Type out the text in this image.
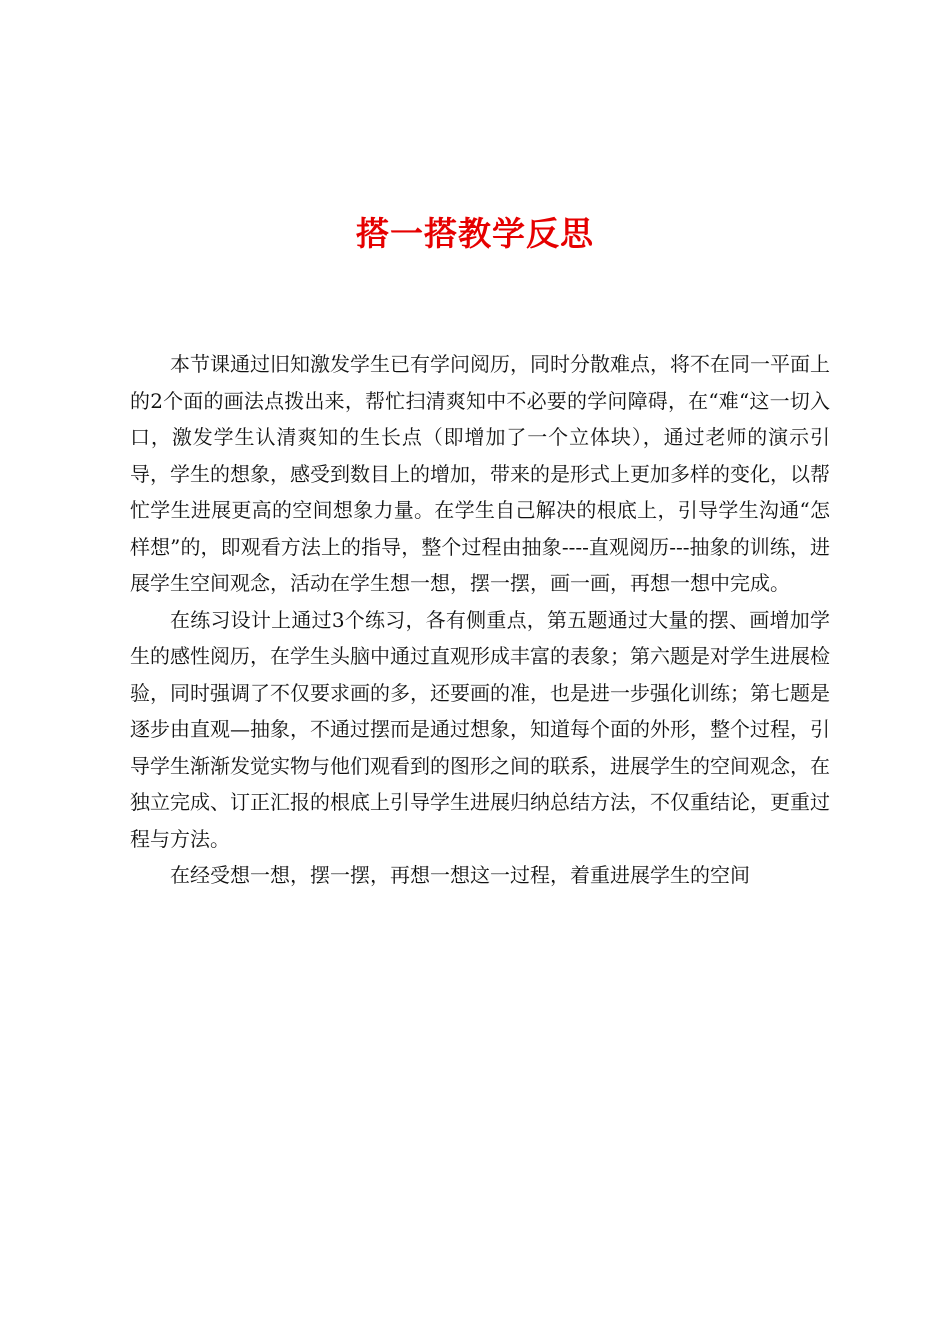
搭一搭教学反思

本节课通过旧知激发学生已有学问阅历，同时分散难点，将不在同一平面上的2个面的画法点拨出来，帮忙扫清爽知中不必要的学问障碍，在“难“这一切入口，激发学生认清爽知的生长点（即增加了一个立体块），通过老师的演示引导，学生的想象，感受到数目上的增加，带来的是形式上更加多样的变化，以帮忙学生进展更高的空间想象力量。在学生自己解决的根底上，引导学生沟通“怎样想”的，即观看方法上的指导，整个过程由抽象----直观阅历---抽象的训练，进展学生空间观念，活动在学生想一想，摆一摆，画一画，再想一想中完成。

在练习设计上通过3个练习，各有侧重点，第五题通过大量的摆、画增加学生的感性阅历，在学生头脑中通过直观形成丰富的表象；第六题是对学生进展检验，同时强调了不仅要求画的多，还要画的准，也是进一步强化训练；第七题是逐步由直观—抽象，不通过摆而是通过想象，知道每个面的外形，整个过程，引导学生渐渐发觉实物与他们观看到的图形之间的联系，进展学生的空间观念，在独立完成、订正汇报的根底上引导学生进展归纳总结方法，不仅重结论，更重过程与方法。

在经受想一想，摆一摆，再想一想这一过程，着重进展学生的空间
